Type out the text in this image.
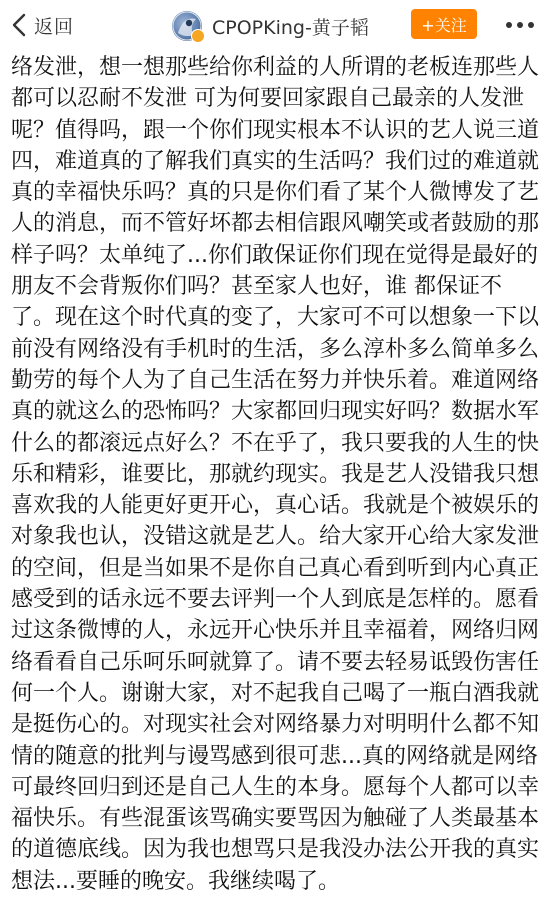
返回	CPOPKing-黄子韬	+关注

络发泄，想一想那些给你利益的人所谓的老板连那些人
都可以忍耐不发泄 可为何要回家跟自己最亲的人发泄
呢？值得吗，跟一个你们现实根本不认识的艺人说三道
四，难道真的了解我们真实的生活吗？我们过的难道就
真的幸福快乐吗？真的只是你们看了某个人微博发了艺
人的消息，而不管好坏都去相信跟风嘲笑或者鼓励的那
样子吗？太单纯了...你们敢保证你们现在觉得是最好的
朋友不会背叛你们吗？甚至家人也好，谁 都保证不
了。现在这个时代真的变了，大家可不可以想象一下以
前没有网络没有手机时的生活，多么淳朴多么简单多么
勤劳的每个人为了自己生活在努力并快乐着。难道网络
真的就这么的恐怖吗？大家都回归现实好吗？数据水军
什么的都滚远点好么？不在乎了，我只要我的人生的快
乐和精彩，谁要比，那就约现实。我是艺人没错我只想
喜欢我的人能更好更开心，真心话。我就是个被娱乐的
对象我也认，没错这就是艺人。给大家开心给大家发泄
的空间，但是当如果不是你自己真心看到听到内心真正
感受到的话永远不要去评判一个人到底是怎样的。愿看
过这条微博的人，永远开心快乐并且幸福着，网络归网
络看看自己乐呵乐呵就算了。请不要去轻易诋毁伤害任
何一个人。谢谢大家，对不起我自己喝了一瓶白酒我就
是挺伤心的。对现实社会对网络暴力对明明什么都不知
情的随意的批判与谩骂感到很可悲...真的网络就是网络
可最终回归到还是自己人生的本身。愿每个人都可以幸
福快乐。有些混蛋该骂确实要骂因为触碰了人类最基本
的道德底线。因为我也想骂只是我没办法公开我的真实
想法...要睡的晚安。我继续喝了。
